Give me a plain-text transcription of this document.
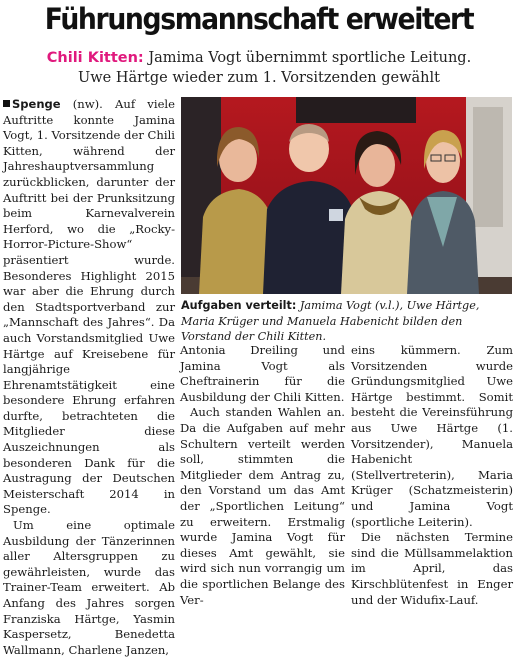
Führungsmannschaft erweitert
Chili Kitten: Jamima Vogt übernimmt sportliche Leitung.
Uwe Härtge wieder zum 1. Vorsitzenden gewählt

Spenge (nw). Auf viele Auftritte konnte Jamina Vogt, 1. Vorsitzende der Chili Kitten, während der Jahreshauptversammlung zurückblicken, darunter der Auftritt bei der Prunksitzung beim Karnevalverein Herford, wo die „Rocky-Horror-Picture-Show“ präsentiert wurde. Besonderes Highlight 2015 war aber die Ehrung durch den Stadtsportverband zur „Mannschaft des Jahres“. Da auch Vorstandsmitglied Uwe Härtge auf Kreisebene für langjährige Ehrenamtstätigkeit eine besondere Ehrung erfahren durfte, betrachteten die Mitglieder diese Auszeichnungen als besonderen Dank für die Austragung der Deutschen Meisterschaft 2014 in Spenge.

Um eine optimale Ausbildung der Tänzerinnen aller Altersgruppen zu gewährleisten, wurde das Trainer-Team erweitert. Ab Anfang des Jahres sorgen Franziska Härtge, Yasmin Kaspersetz, Benedetta Wallmann, Charlene Janzen,

Aufgaben verteilt: Jamima Vogt (v.l.), Uwe Härtge, Maria Krüger und Manuela Habenicht bilden den Vorstand der Chili Kitten.

Antonia Dreiling und Jamina Vogt als Cheftrainerin für die Ausbildung der Chili Kitten.

Auch standen Wahlen an. Da die Aufgaben auf mehr Schultern verteilt werden soll, stimmten die Mitglieder dem Antrag zu, den Vorstand um das Amt der „Sportlichen Leitung“ zu erweitern. Erstmalig wurde Jamina Vogt für dieses Amt gewählt, sie wird sich nun vorrangig um die sportlichen Belange des Ver-

eins kümmern. Zum Vorsitzenden wurde Gründungsmitglied Uwe Härtge bestimmt. Somit besteht die Vereinsführung aus Uwe Härtge (1. Vorsitzender), Manuela Habenicht (Stellvertreterin), Maria Krüger (Schatzmeisterin) und Jamina Vogt (sportliche Leiterin).

Die nächsten Termine sind die Müllsammelaktion im April, das Kirschblütenfest in Enger und der Widufix-Lauf.
